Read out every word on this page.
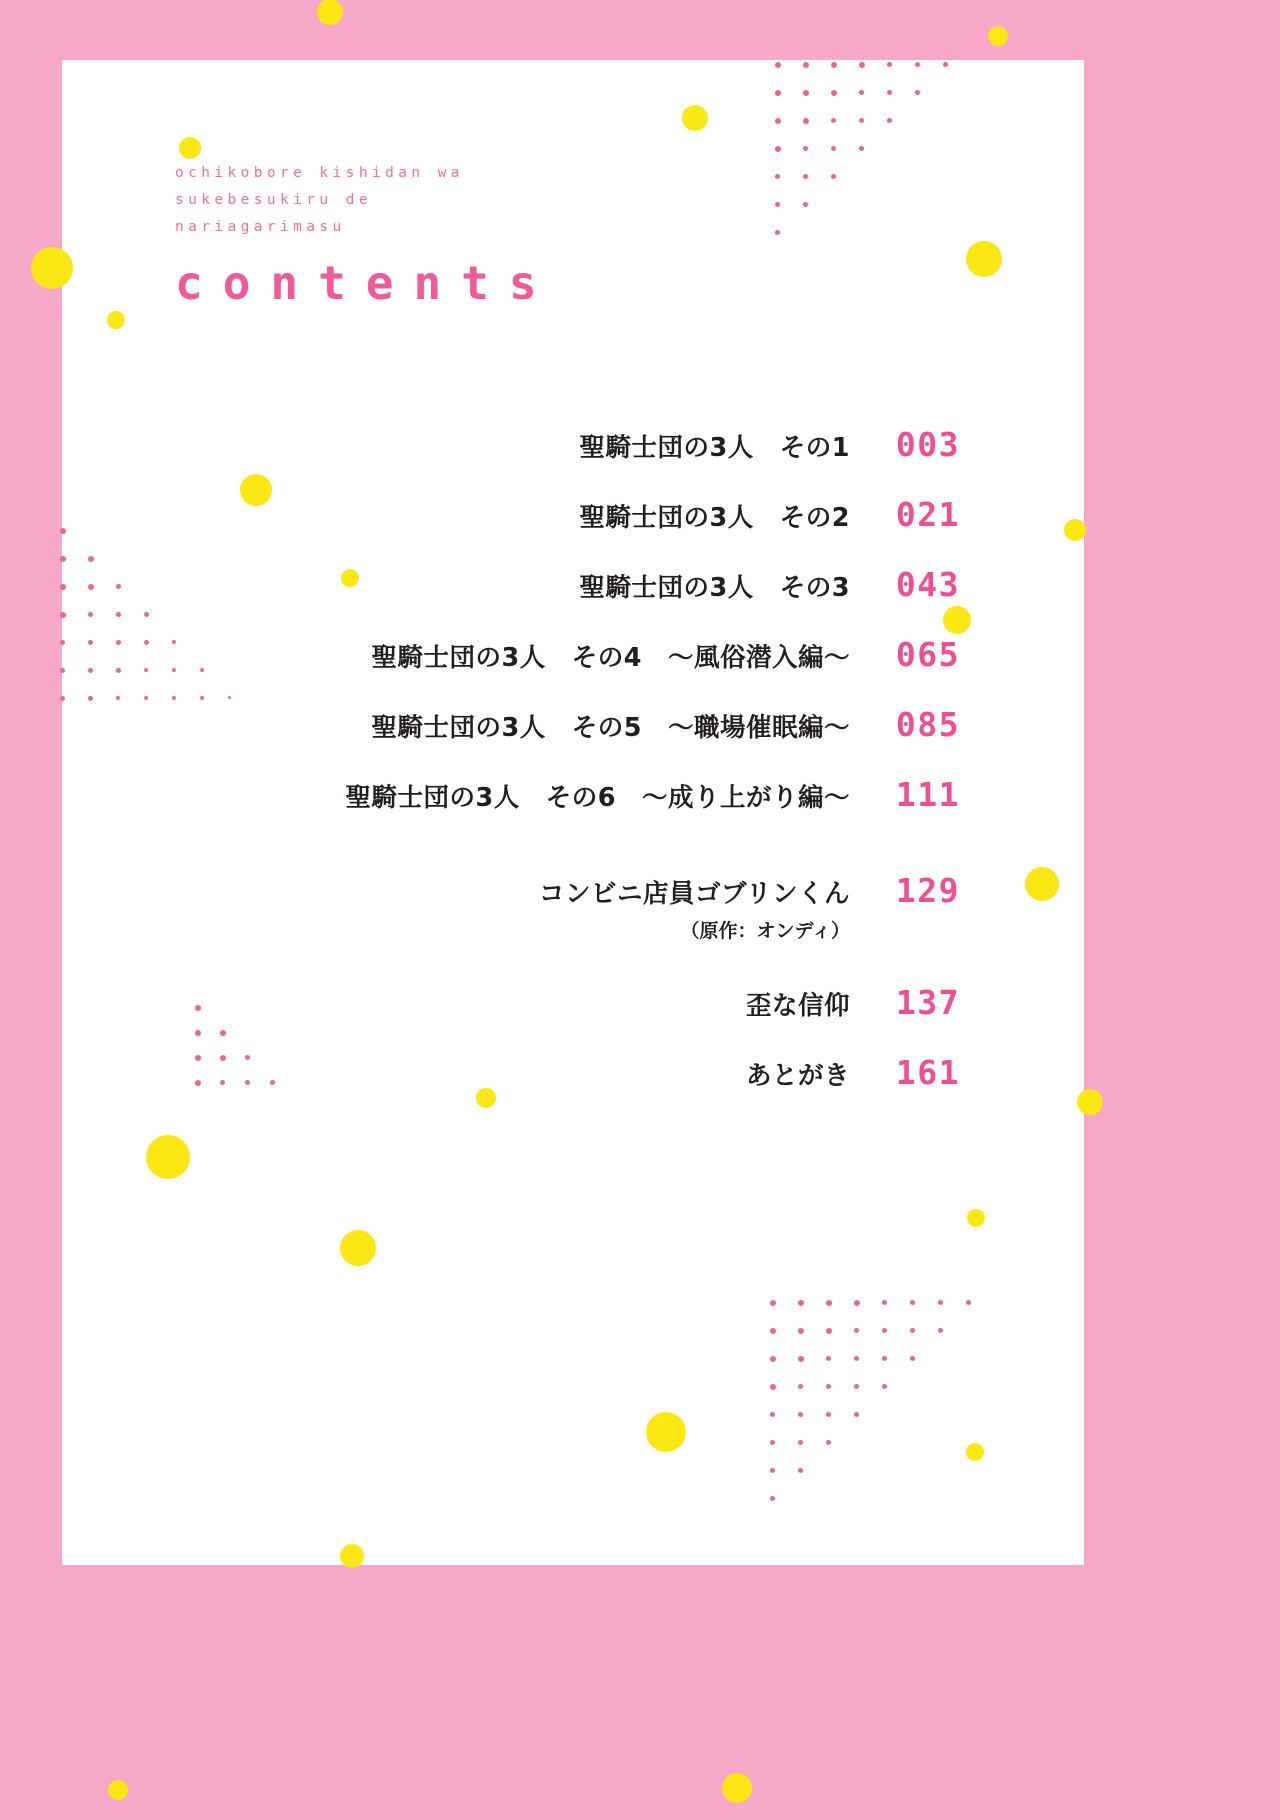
ochikobore kishidan wa
sukebesukiru de
nariagarimasu
contents
聖騎士団の3人　その1	003
聖騎士団の3人　その2	021
聖騎士団の3人　その3	043
聖騎士団の3人　その4　〜風俗潜入編〜	065
聖騎士団の3人　その5　〜職場催眠編〜	085
聖騎士団の3人　その6　〜成り上がり編〜	111
コンビニ店員ゴブリンくん	129
（原作：オンディ）
歪な信仰	137
あとがき	161
